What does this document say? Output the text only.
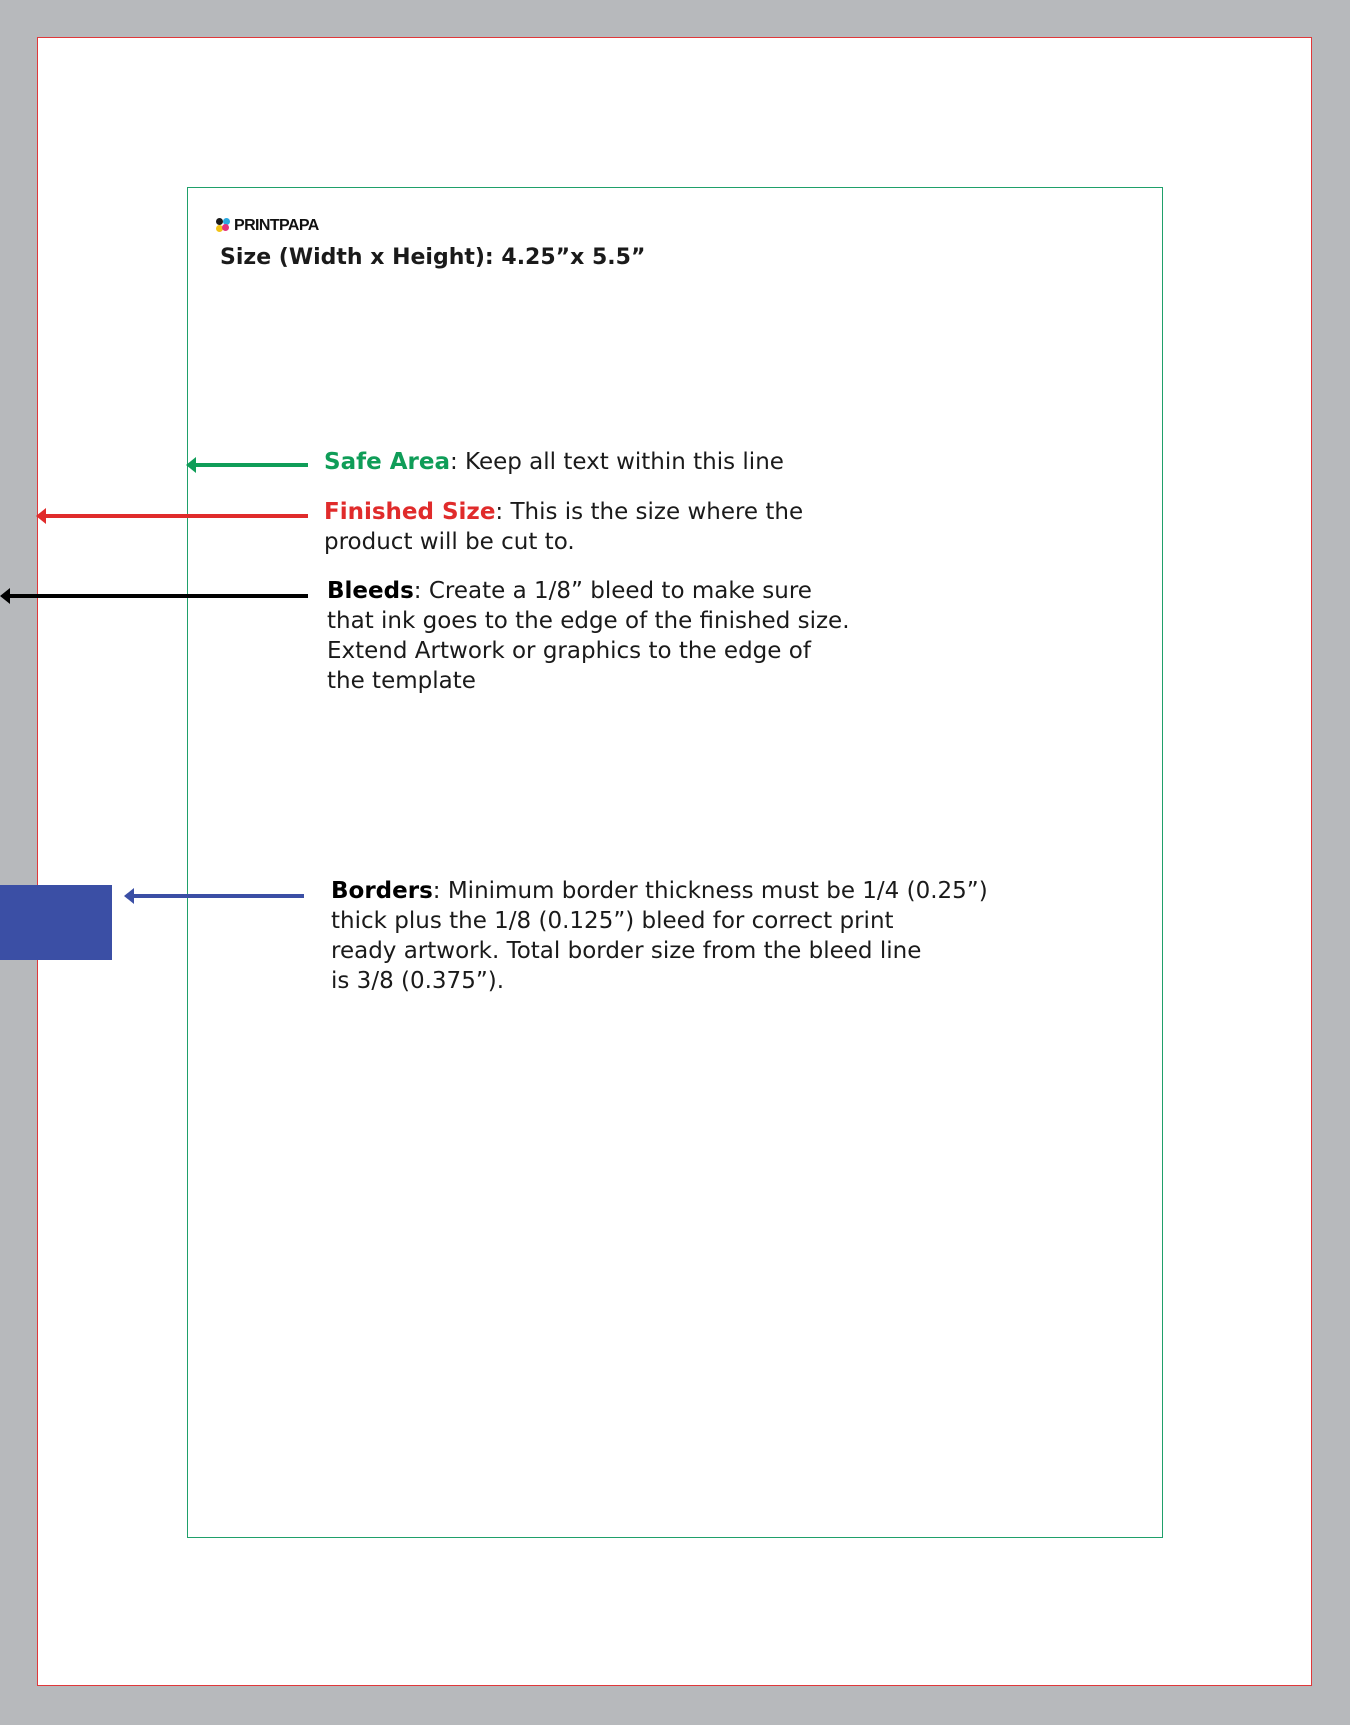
PRINTPAPA
Size (Width x Height): 4.25”x 5.5”
Safe Area: Keep all text within this line
Finished Size: This is the size where the
product will be cut to.
Bleeds: Create a 1/8” bleed to make sure
that ink goes to the edge of the finished size.
Extend Artwork or graphics to the edge of
the template
Borders: Minimum border thickness must be 1/4 (0.25”)
thick plus the 1/8 (0.125”) bleed for correct print
ready artwork. Total border size from the bleed line
is 3/8 (0.375”).
